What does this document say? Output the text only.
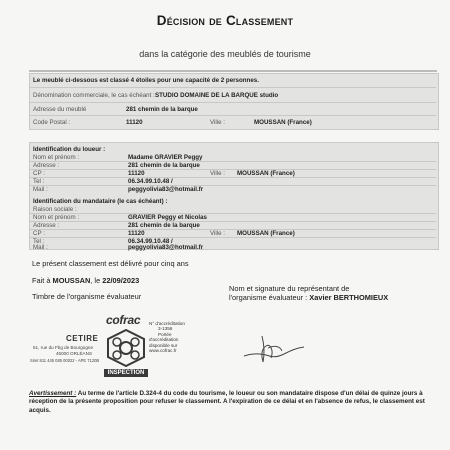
Décision de Classement
dans la catégorie des meublés de tourisme
Le meublé ci-dessous est classé 4 étoiles pour une capacité de 2 personnes.
Dénomination commerciale, le cas échéant : STUDIO DOMAINE DE LA BARQUE studio
Adresse du meublé	281 chemin de la barque
Code Postal :	11120	Ville :	MOUSSAN (France)
Identification du loueur :
Nom et prénom :	Madame GRAVIER Peggy
Adresse :	281 chemin de la barque
CP :	11120	Ville : MOUSSAN (France)
Tel :	06.34.99.10.48 /
Mail :	peggyolivia83@hotmail.fr
Identification du mandataire (le cas échéant) :
Raison sociale :
Nom et prénom :	GRAVIER Peggy et Nicolas
Adresse :	281 chemin de la barque
CP :	11120	Ville : MOUSSAN (France)
Tel :	06.34.99.10.48 /
Mail :	peggyolivia83@hotmail.fr
Le présent classement est délivré pour cinq ans
Fait à MOUSSAN, le 22/09/2023
Timbre de l'organisme évaluateur
Nom et signature du représentant de
l'organisme évaluateur : Xavier BERTHOMIEUX
CETIRE
51, rue du Fbg de Bourgogne
45000 ORLÉANS
Siret 811 445 085 00022 - APE 7120B
cofrac
INSPECTION
N° d'accréditation
3-1356
Portée
d'accréditation
disponible sur
www.cofrac.fr
Avertissement : Au terme de l'article D.324-4 du code du tourisme, le loueur ou son mandataire dispose d'un délai de quinze jours à réception de la présente proposition pour refuser le classement. A l'expiration de ce délai et en l'absence de refus, le classement est acquis.
